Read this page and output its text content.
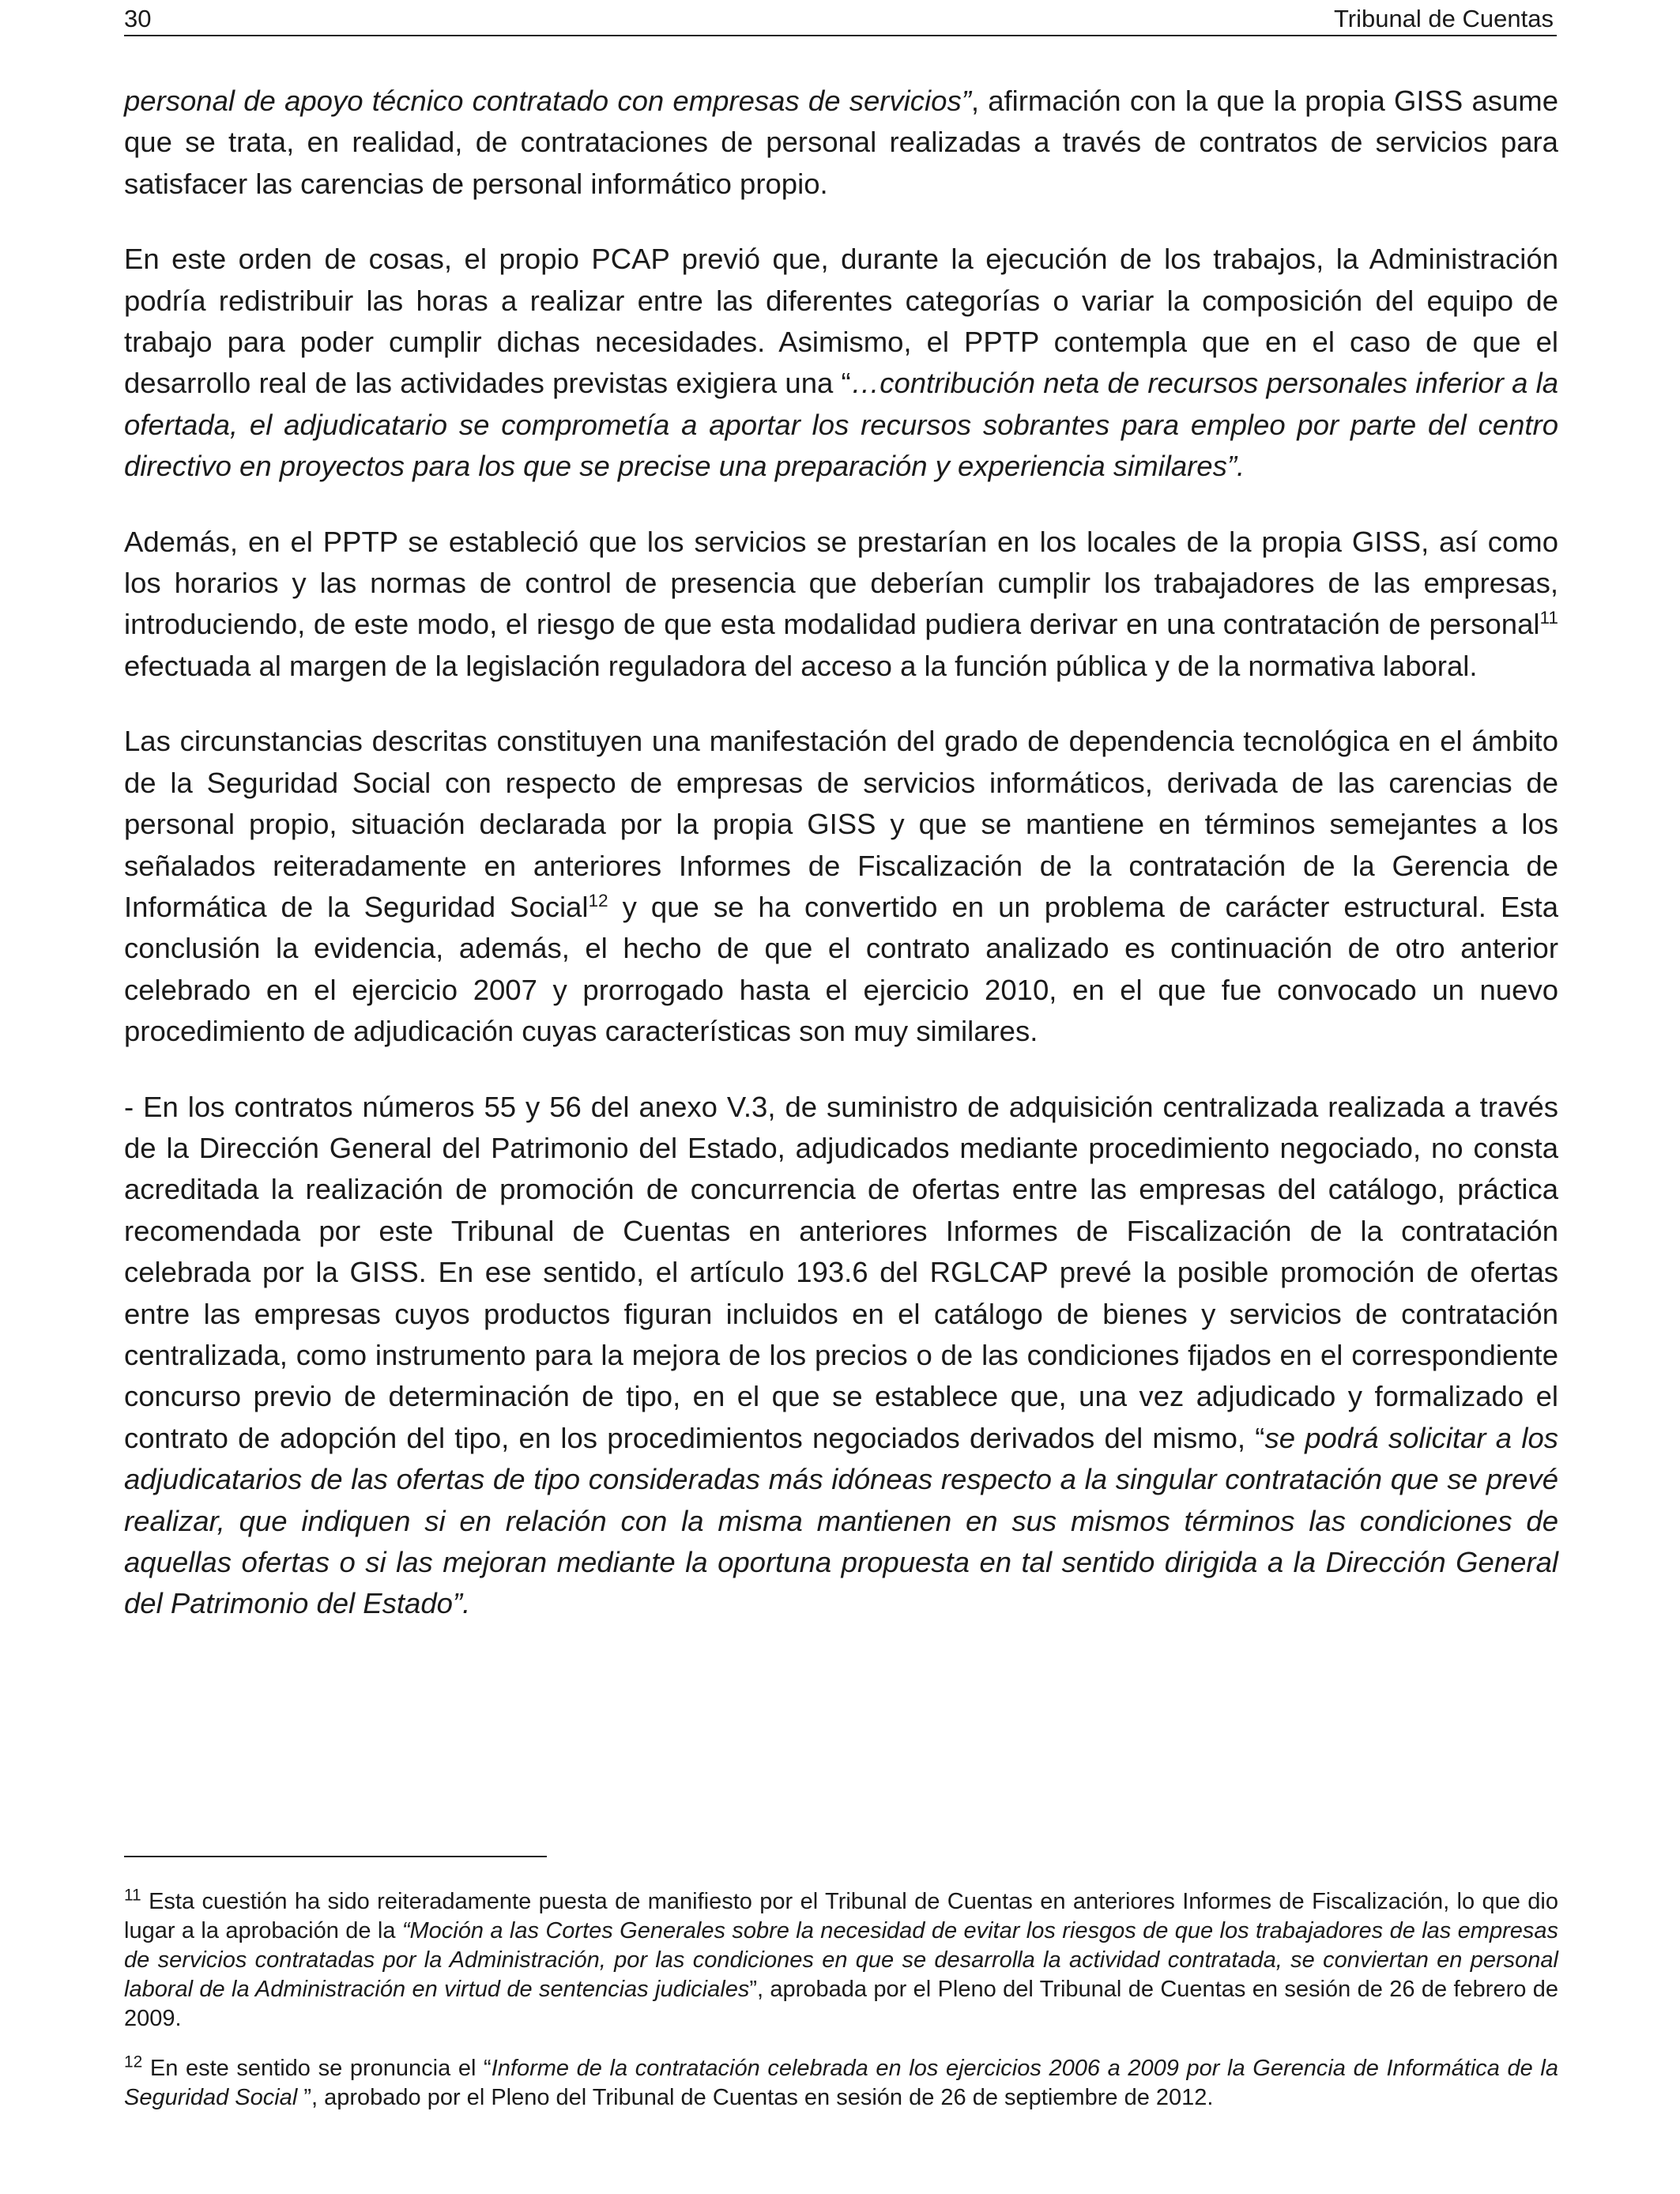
30	Tribunal de Cuentas

personal de apoyo técnico contratado con empresas de servicios”, afirmación con la que la propia GISS asume que se trata, en realidad, de contrataciones de personal realizadas a través de contratos de servicios para satisfacer las carencias de personal informático propio.

En este orden de cosas, el propio PCAP previó que, durante la ejecución de los trabajos, la Administración podría redistribuir las horas a realizar entre las diferentes categorías o variar la composición del equipo de trabajo para poder cumplir dichas necesidades. Asimismo, el PPTP contempla que en el caso de que el desarrollo real de las actividades previstas exigiera una “…contribución neta de recursos personales inferior a la ofertada, el adjudicatario se comprometía a aportar los recursos sobrantes para empleo por parte del centro directivo en proyectos para los que se precise una preparación y experiencia similares”.

Además, en el PPTP se estableció que los servicios se prestarían en los locales de la propia GISS, así como los horarios y las normas de control de presencia que deberían cumplir los trabajadores de las empresas, introduciendo, de este modo, el riesgo de que esta modalidad pudiera derivar en una contratación de personal$^{11}$ efectuada al margen de la legislación reguladora del acceso a la función pública y de la normativa laboral.

Las circunstancias descritas constituyen una manifestación del grado de dependencia tecnológica en el ámbito de la Seguridad Social con respecto de empresas de servicios informáticos, derivada de las carencias de personal propio, situación declarada por la propia GISS y que se mantiene en términos semejantes a los señalados reiteradamente en anteriores Informes de Fiscalización de la contratación de la Gerencia de Informática de la Seguridad Social$^{12}$ y que se ha convertido en un problema de carácter estructural. Esta conclusión la evidencia, además, el hecho de que el contrato analizado es continuación de otro anterior celebrado en el ejercicio 2007 y prorrogado hasta el ejercicio 2010, en el que fue convocado un nuevo procedimiento de adjudicación cuyas características son muy similares.

- En los contratos números 55 y 56 del anexo V.3, de suministro de adquisición centralizada realizada a través de la Dirección General del Patrimonio del Estado, adjudicados mediante procedimiento negociado, no consta acreditada la realización de promoción de concurrencia de ofertas entre las empresas del catálogo, práctica recomendada por este Tribunal de Cuentas en anteriores Informes de Fiscalización de la contratación celebrada por la GISS. En ese sentido, el artículo 193.6 del RGLCAP prevé la posible promoción de ofertas entre las empresas cuyos productos figuran incluidos en el catálogo de bienes y servicios de contratación centralizada, como instrumento para la mejora de los precios o de las condiciones fijados en el correspondiente concurso previo de determinación de tipo, en el que se establece que, una vez adjudicado y formalizado el contrato de adopción del tipo, en los procedimientos negociados derivados del mismo, “se podrá solicitar a los adjudicatarios de las ofertas de tipo consideradas más idóneas respecto a la singular contratación que se prevé realizar, que indiquen si en relación con la misma mantienen en sus mismos términos las condiciones de aquellas ofertas o si las mejoran mediante la oportuna propuesta en tal sentido dirigida a la Dirección General del Patrimonio del Estado”.

$^{11}$ Esta cuestión ha sido reiteradamente puesta de manifiesto por el Tribunal de Cuentas en anteriores Informes de Fiscalización, lo que dio lugar a la aprobación de la “Moción a las Cortes Generales sobre la necesidad de evitar los riesgos de que los trabajadores de las empresas de servicios contratadas por la Administración, por las condiciones en que se desarrolla la actividad contratada, se conviertan en personal laboral de la Administración en virtud de sentencias judiciales”, aprobada por el Pleno del Tribunal de Cuentas en sesión de 26 de febrero de 2009.

$^{12}$ En este sentido se pronuncia el “Informe de la contratación celebrada en los ejercicios 2006 a 2009 por la Gerencia de Informática de la Seguridad Social ”, aprobado por el Pleno del Tribunal de Cuentas en sesión de 26 de septiembre de 2012.
